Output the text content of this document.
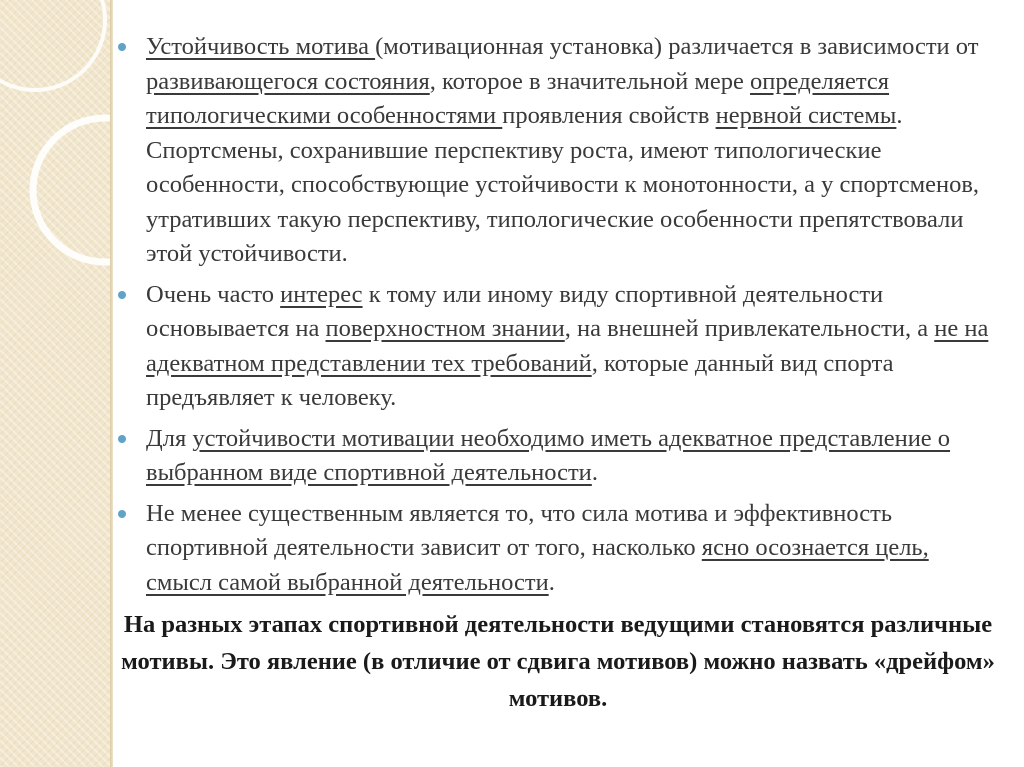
Устойчивость мотива (мотивационная установка) различается в зависимости от развивающегося состояния, которое в значительной мере определяется типологическими особенностями проявления свойств нервной системы. Спортсмены, сохранившие перспективу роста, имеют типологические особенности, способствующие устойчивости к монотонности, а у спортсменов, утративших такую перспективу, типологические особенности препятствовали этой устойчивости.
Очень часто интерес к тому или иному виду спортивной деятельности основывается на поверхностном знании, на внешней привлекательности, а не на адекватном представлении тех требований, которые данный вид спорта предъявляет к человеку.
Для устойчивости мотивации необходимо иметь адекватное представление о выбранном виде спортивной деятельности.
Не менее существенным является то, что сила мотива и эффективность спортивной деятельности зависит от того, насколько ясно осознается цель, смысл самой выбранной деятельности.

На разных этапах спортивной деятельности ведущими становятся различные мотивы. Это явление (в отличие от сдвига мотивов) можно назвать «дрейфом» мотивов.
